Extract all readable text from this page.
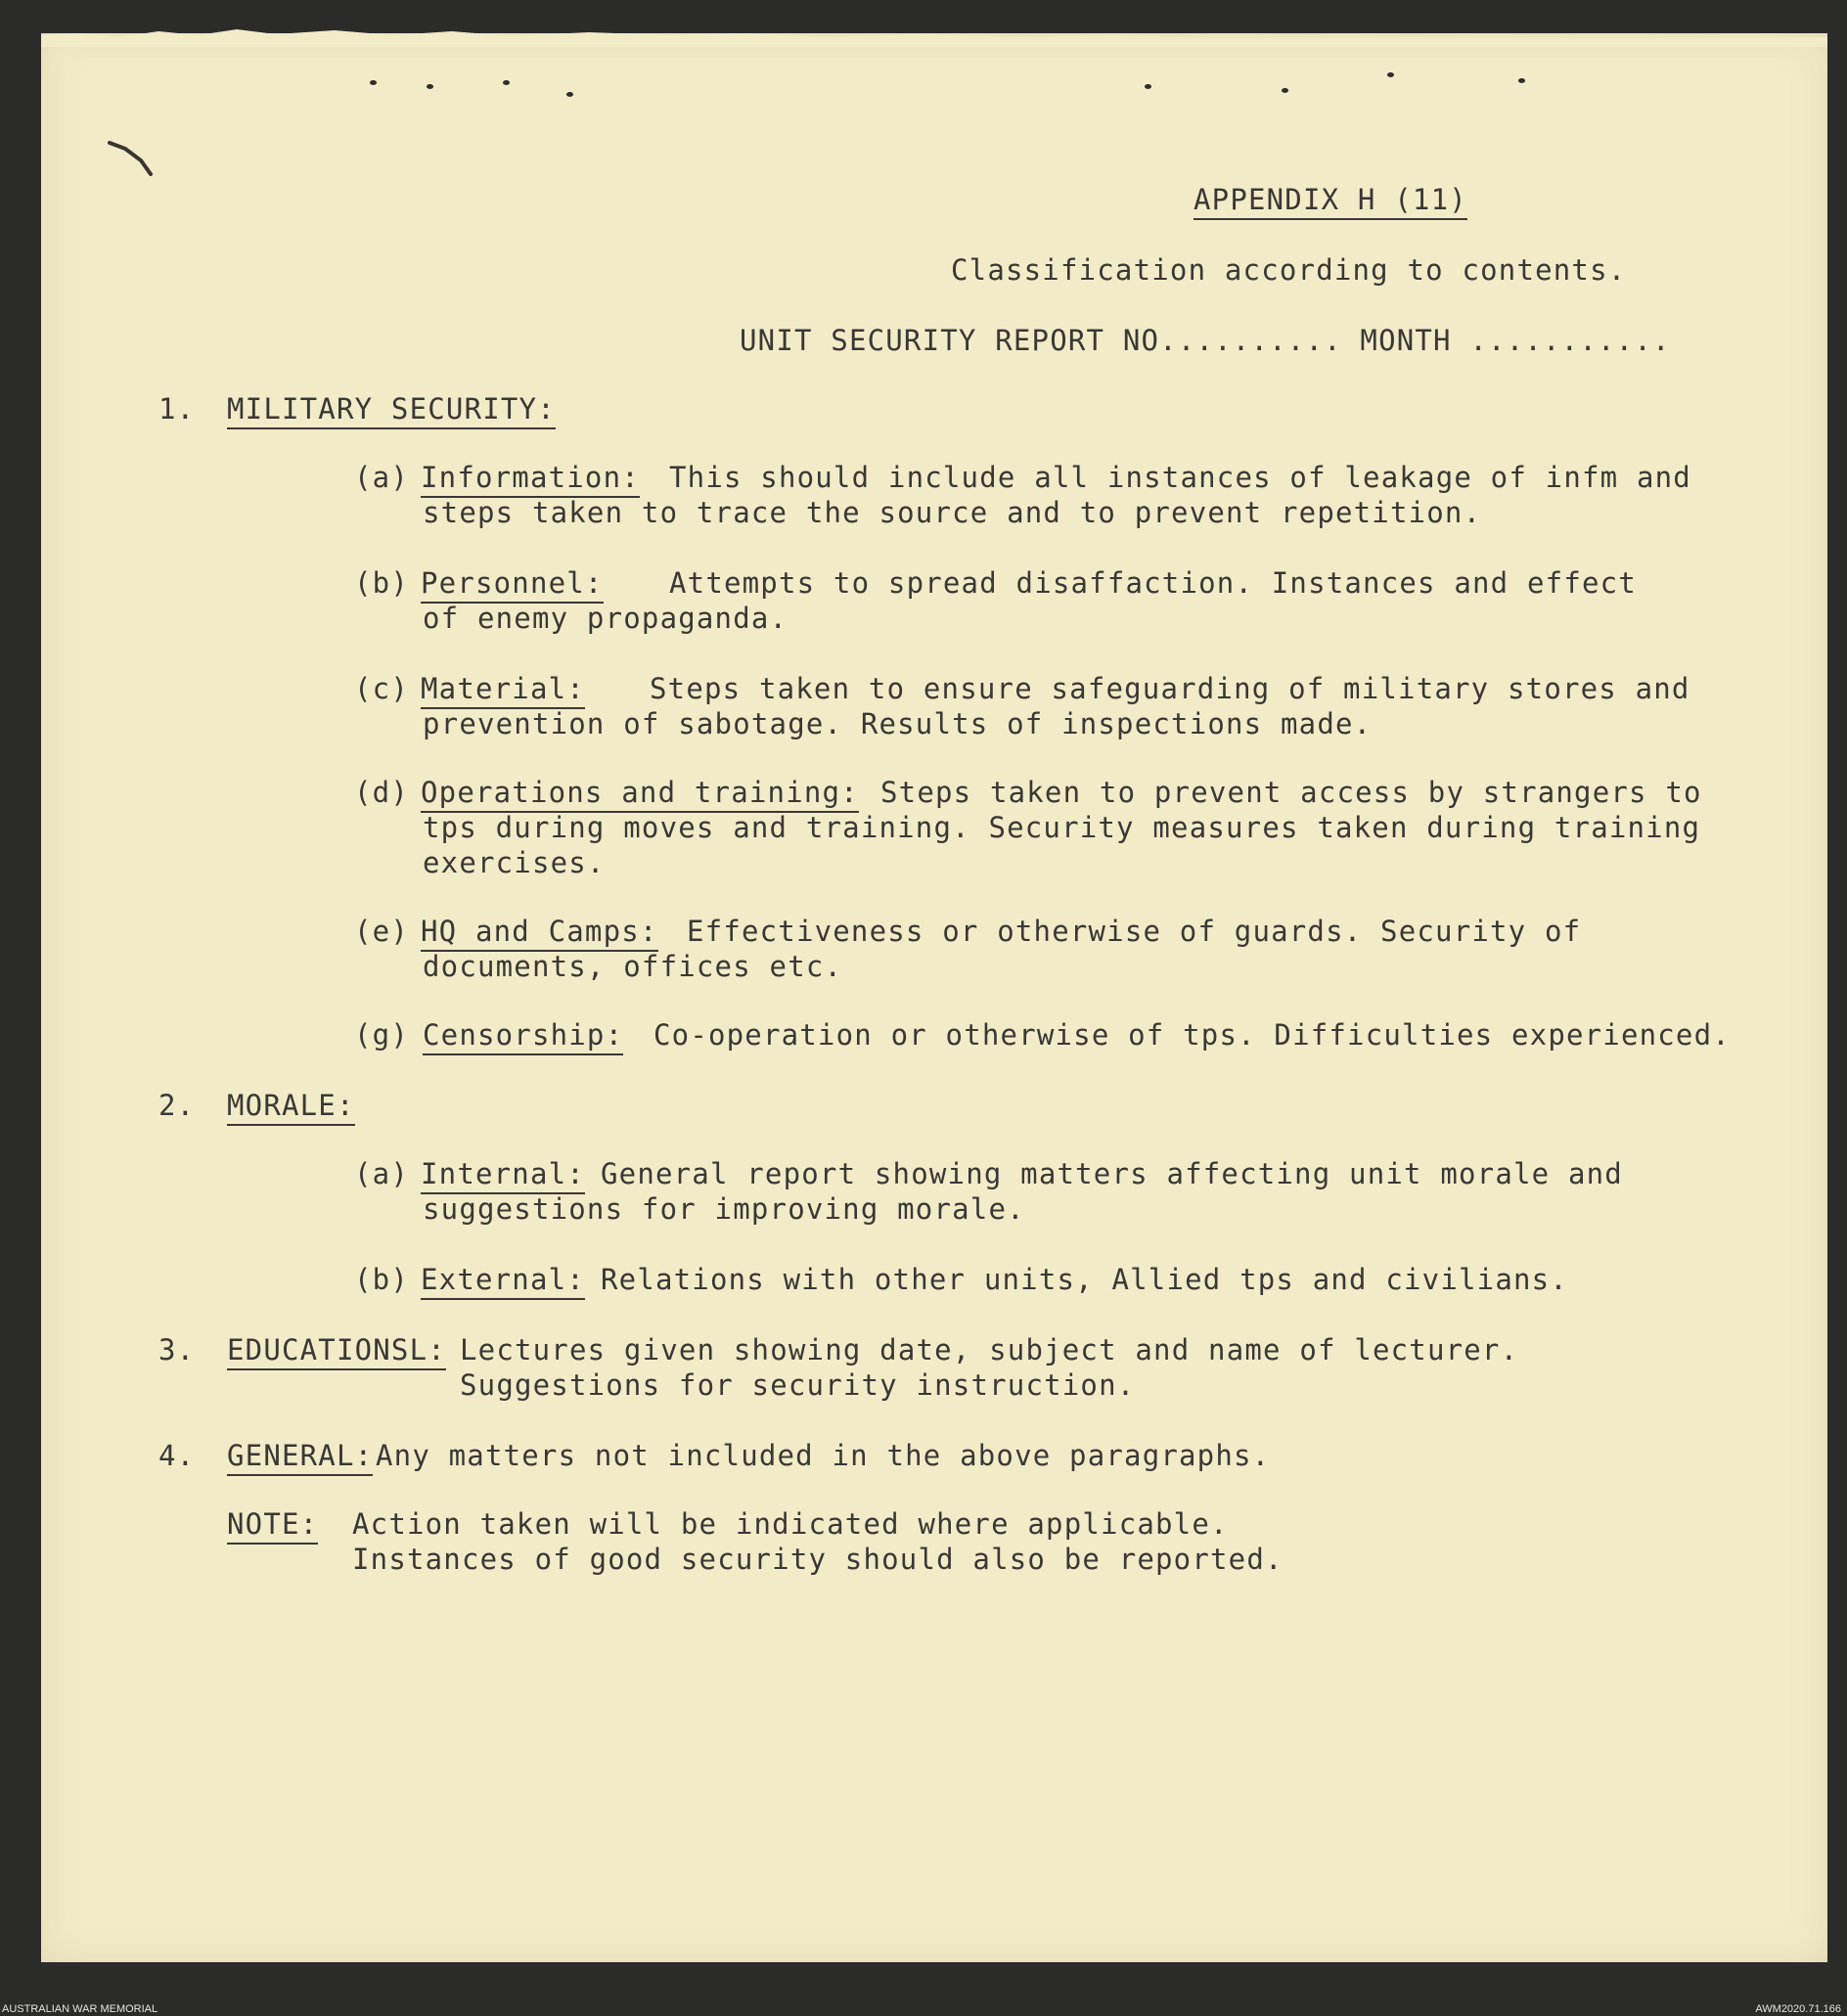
APPENDIX H (11)
Classification according to contents.
UNIT SECURITY REPORT NO.......... MONTH ...........
1. MILITARY SECURITY:
(a) Information: This should include all instances of leakage of infm and
steps taken to trace the source and to prevent repetition.
(b) Personnel: Attempts to spread disaffaction. Instances and effect
of enemy propaganda.
(c) Material: Steps taken to ensure safeguarding of military stores and
prevention of sabotage. Results of inspections made.
(d) Operations and training: Steps taken to prevent access by strangers to
tps during moves and training. Security measures taken during training
exercises.
(e) HQ and Camps: Effectiveness or otherwise of guards. Security of
documents, offices etc.
(g) Censorship: Co-operation or otherwise of tps. Difficulties experienced.
2. MORALE:
(a) Internal: General report showing matters affecting unit morale and
suggestions for improving morale.
(b) External: Relations with other units, Allied tps and civilians.
3. EDUCATIONSL: Lectures given showing date, subject and name of lecturer.
Suggestions for security instruction.
4. GENERAL: Any matters not included in the above paragraphs.
NOTE: Action taken will be indicated where applicable.
Instances of good security should also be reported.
AUSTRALIAN WAR MEMORIAL	AWM2020.71.166
